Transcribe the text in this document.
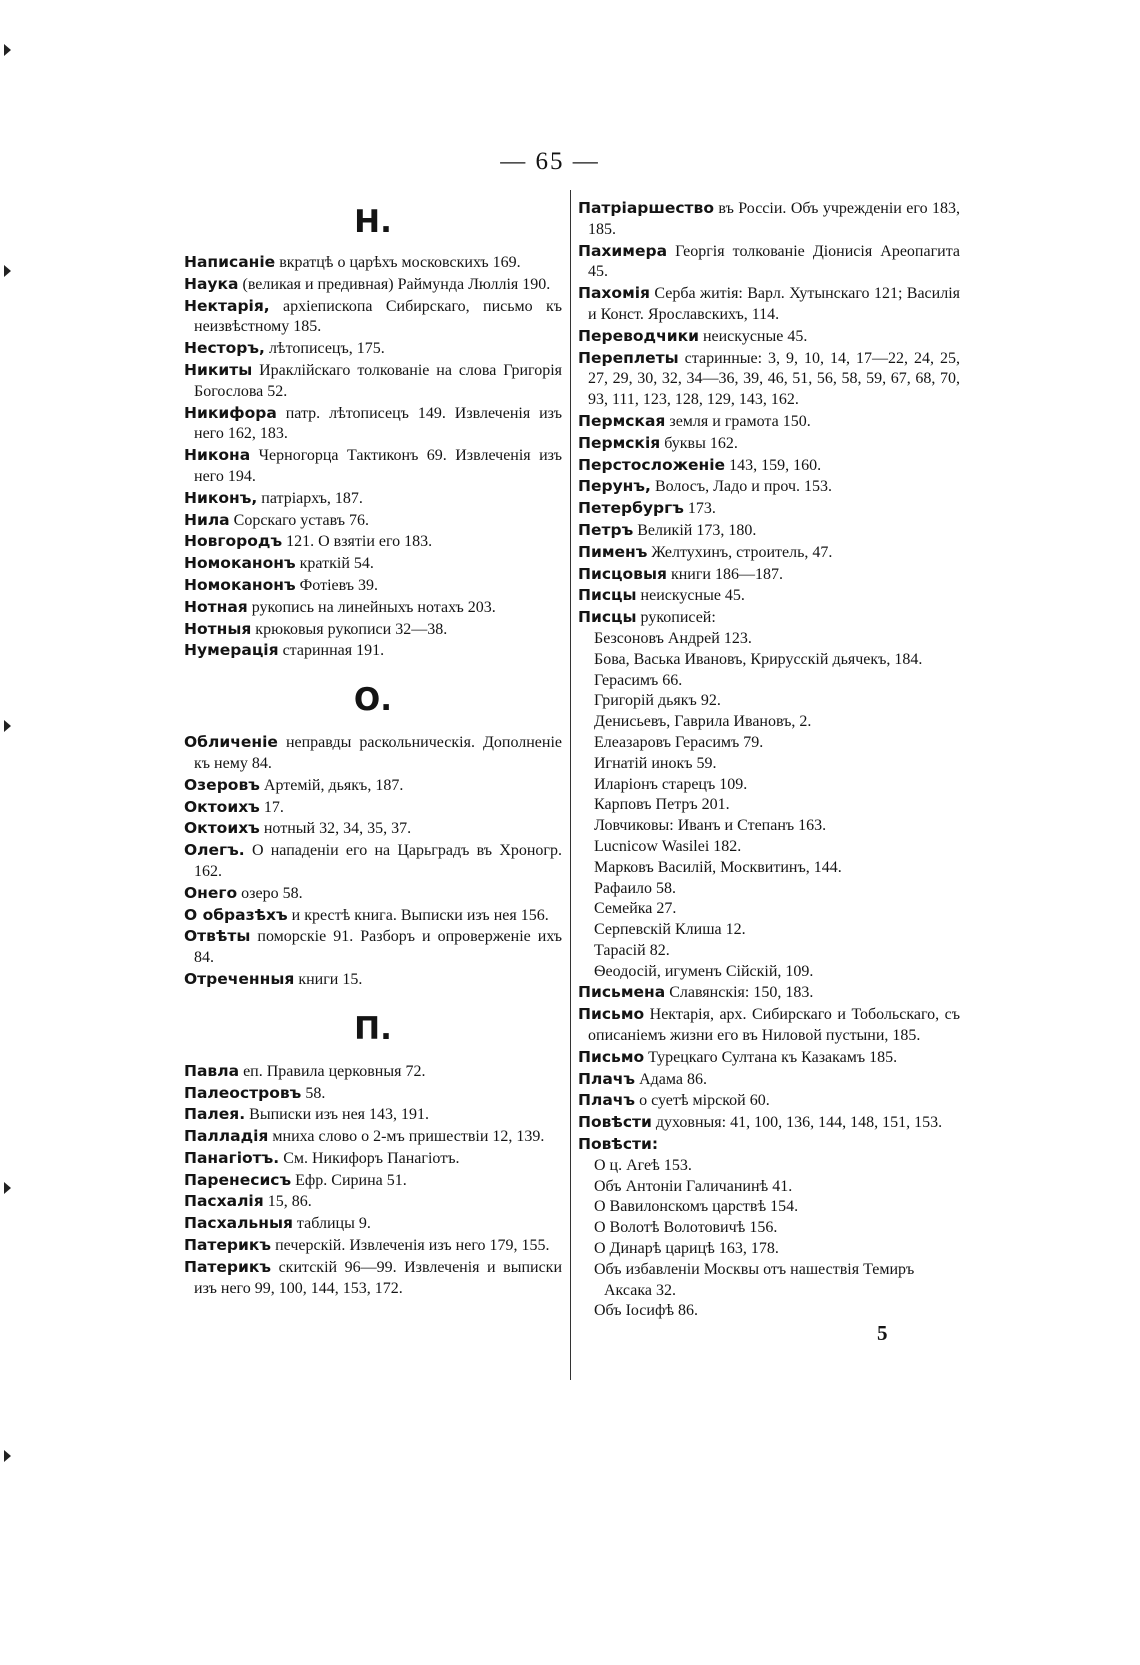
— 65 —

Н.

Написаніе вкратцѣ о царѣхъ московскихъ 169.

Наука (великая и предивная) Раймунда Люллія 190.

Нектарія, архіепископа Сибирскаго, письмо къ неизвѣстному 185.

Несторъ, лѣтописецъ, 175.

Никиты Ираклійскаго толкованіе на слова Григорія Богослова 52.

Никифора патр. лѣтописецъ 149. Извлеченія изъ него 162, 183.

Никона Черногорца Тактиконъ 69. Извлеченія изъ него 194.

Никонъ, патріархъ, 187.

Нила Сорскаго уставъ 76.

Новгородъ 121. О взятіи его 183.

Номоканонъ краткій 54.

Номоканонъ Фотіевъ 39.

Нотная рукопись на линейныхъ нотахъ 203.

Нотныя крюковыя рукописи 32—38.

Нумерація старинная 191.

О.

Обличеніе неправды раскольническія. Дополненіе къ нему 84.

Озеровъ Артемій, дьякъ, 187.

Октоихъ 17.

Октоихъ нотный 32, 34, 35, 37.

Олегъ. О нападеніи его на Царьградъ въ Хроногр. 162.

Онего озеро 58.

О образѣхъ и крестѣ книга. Выписки изъ нея 156.

Отвѣты поморскіе 91. Разборъ и опроверженіе ихъ 84.

Отреченныя книги 15.

П.

Павла еп. Правила церковныя 72.

Палеостровъ 58.

Палея. Выписки изъ нея 143, 191.

Палладія мниха слово о 2-мъ пришествіи 12, 139.

Панагіотъ. См. Никифоръ Панагіотъ.

Паренесисъ Ефр. Сирина 51.

Пасхалія 15, 86.

Пасхальныя таблицы 9.

Патерикъ печерскій. Извлеченія изъ него 179, 155.

Патерикъ скитскій 96—99. Извлеченія и выписки изъ него 99, 100, 144, 153, 172.

Патріаршество въ Россіи. Объ учрежденіи его 183, 185.

Пахимера Георгія толкованіе Діонисія Ареопагита 45.

Пахомія Серба житія: Варл. Хутынскаго 121; Василія и Конст. Ярославскихъ, 114.

Переводчики неискусные 45.

Переплеты старинные: 3, 9, 10, 14, 17—22, 24, 25, 27, 29, 30, 32, 34—36, 39, 46, 51, 56, 58, 59, 67, 68, 70, 93, 111, 123, 128, 129, 143, 162.

Пермская земля и грамота 150.

Пермскія буквы 162.

Перстосложеніе 143, 159, 160.

Перунъ, Волосъ, Ладо и проч. 153.

Петербургъ 173.

Петръ Великій 173, 180.

Пименъ Желтухинъ, строитель, 47.

Писцовыя книги 186—187.

Писцы неискусные 45.

Писцы рукописей:

Безсоновъ Андрей 123.

Бова, Васька Ивановъ, Крирусскій дьячекъ, 184.

Герасимъ 66.

Григорій дьякъ 92.

Денисьевъ, Гаврила Ивановъ, 2.

Елеазаровъ Герасимъ 79.

Игнатій инокъ 59.

Иларіонъ старецъ 109.

Карповъ Петръ 201.

Ловчиковы: Иванъ и Степанъ 163.

Lucnicow Wasilei 182.

Марковъ Василій, Москвитинъ, 144.

Рафаило 58.

Семейка 27.

Серпевскій Клиша 12.

Тарасій 82.

Ѳеодосій, игуменъ Сійскій, 109.

Письмена Славянскія: 150, 183.

Письмо Нектарія, арх. Сибирскаго и Тобольскаго, съ описаніемъ жизни его въ Ниловой пустыни, 185.

Письмо Турецкаго Султана къ Казакамъ 185.

Плачъ Адама 86.

Плачъ о суетѣ мірской 60.

Повѣсти духовныя: 41, 100, 136, 144, 148, 151, 153.

Повѣсти:

О ц. Агеѣ 153.

Объ Антоніи Галичанинѣ 41.

О Вавилонскомъ царствѣ 154.

О Волотѣ Волотовичѣ 156.

О Динарѣ царицѣ 163, 178.

Объ избавленіи Москвы отъ нашествія Темиръ Аксака 32.

Объ Іосифѣ 86.

5
